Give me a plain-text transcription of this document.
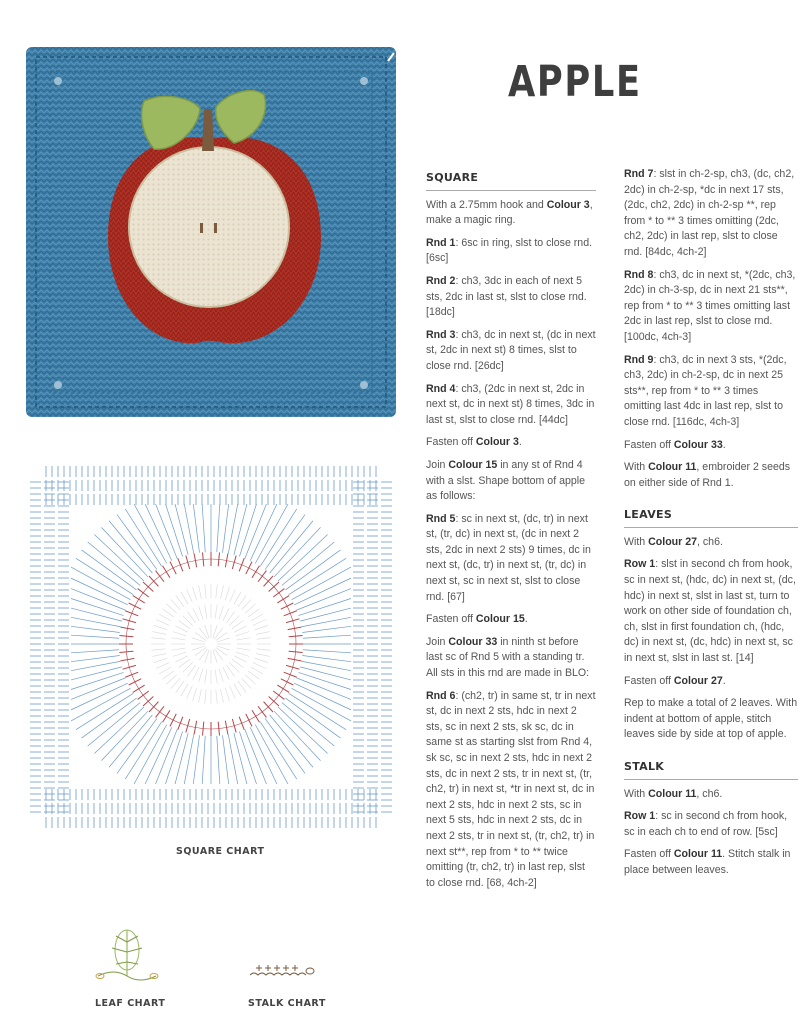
SQUARE CHART
LEAF CHART	STALK CHART
APPLE
SQUARE

With a 2.75mm hook and Colour 3, make a magic ring.

Rnd 1: 6sc in ring, slst to close rnd. [6sc]

Rnd 2: ch3, 3dc in each of next 5 sts, 2dc in last st, slst to close rnd. [18dc]

Rnd 3: ch3, dc in next st, (dc in next st, 2dc in next st) 8 times, slst to close rnd. [26dc]

Rnd 4: ch3, (2dc in next st, 2dc in next st, dc in next st) 8 times, 3dc in last st, slst to close rnd. [44dc]

Fasten off Colour 3.

Join Colour 15 in any st of Rnd 4 with a slst. Shape bottom of apple as follows:

Rnd 5: sc in next st, (dc, tr) in next st, (tr, dc) in next st, (dc in next 2 sts, 2dc in next 2 sts) 9 times, dc in next st, (dc, tr) in next st, (tr, dc) in next st, sc in next st, slst to close rnd. [67]

Fasten off Colour 15.

Join Colour 33 in ninth st before last sc of Rnd 5 with a standing tr. All sts in this rnd are made in BLO:

Rnd 6: (ch2, tr) in same st, tr in next st, dc in next 2 sts, hdc in next 2 sts, sc in next 2 sts, sk sc, dc in same st as starting slst from Rnd 4, sk sc, sc in next 2 sts, hdc in next 2 sts, dc in next 2 sts, tr in next st, (tr, ch2, tr) in next st, *tr in next st, dc in next 2 sts, hdc in next 2 sts, sc in next 5 sts, hdc in next 2 sts, dc in next 2 sts, tr in next st, (tr, ch2, tr) in next st**, rep from * to ** twice omitting (tr, ch2, tr) in last rep, slst to close rnd. [68, 4ch-2]

Rnd 7: slst in ch-2-sp, ch3, (dc, ch2, 2dc) in ch-2-sp, *dc in next 17 sts, (2dc, ch2, 2dc) in ch-2-sp **, rep from * to ** 3 times omitting (2dc, ch2, 2dc) in last rep, slst to close rnd. [84dc, 4ch-2]

Rnd 8: ch3, dc in next st, *(2dc, ch3, 2dc) in ch-3-sp, dc in next 21 sts**, rep from * to ** 3 times omitting last 2dc in last rep, slst to close rnd. [100dc, 4ch-3]

Rnd 9: ch3, dc in next 3 sts, *(2dc, ch3, 2dc) in ch-2-sp, dc in next 25 sts**, rep from * to ** 3 times omitting last 4dc in last rep, slst to close rnd. [116dc, 4ch-3]

Fasten off Colour 33.

With Colour 11, embroider 2 seeds on either side of Rnd 1.

LEAVES

With Colour 27, ch6.

Row 1: slst in second ch from hook, sc in next st, (hdc, dc) in next st, (dc, hdc) in next st, slst in last st, turn to work on other side of foundation ch, ch, slst in first foundation ch, (hdc, dc) in next st, (dc, hdc) in next st, sc in next st, slst in last st. [14]

Fasten off Colour 27.

Rep to make a total of 2 leaves. With indent at bottom of apple, stitch leaves side by side at top of apple.

STALK

With Colour 11, ch6.

Row 1: sc in second ch from hook, sc in each ch to end of row. [5sc]

Fasten off Colour 11. Stitch stalk in place between leaves.
